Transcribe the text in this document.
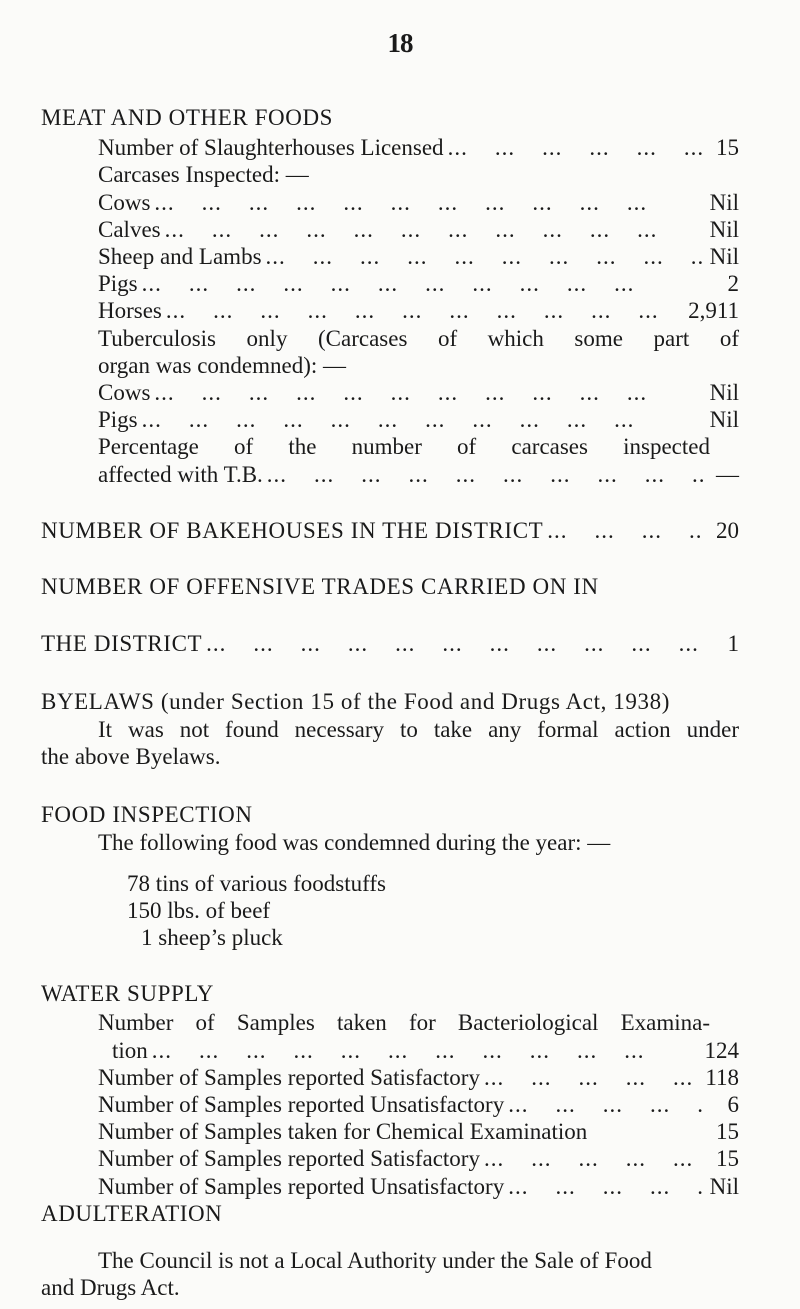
18
MEAT AND OTHER FOODS
Number of Slaughterhouses Licensed ...	15
Carcases Inspected: —
Cows ...	Nil
Calves ...	Nil
Sheep and Lambs ...	Nil
Pigs ...	2
Horses ...	2,911
Tuberculosis only (Carcases of which some part of
organ was condemned): —
Cows ...	Nil
Pigs ...	Nil
Percentage of the number of carcases inspected
affected with T.B. ...	—
NUMBER OF BAKEHOUSES IN THE DISTRICT ...	20
NUMBER OF OFFENSIVE TRADES CARRIED ON IN
THE DISTRICT ...	1
BYELAWS (under Section 15 of the Food and Drugs Act, 1938)
It was not found necessary to take any formal action under
the above Byelaws.
FOOD INSPECTION
The following food was condemned during the year: —
78 tins of various foodstuffs
150 lbs. of beef
1 sheep’s pluck
WATER SUPPLY
Number of Samples taken for Bacteriological Examina-
tion ...	124
Number of Samples reported Satisfactory ...	118
Number of Samples reported Unsatisfactory ...	6
Number of Samples taken for Chemical Examination	15
Number of Samples reported Satisfactory ...	15
Number of Samples reported Unsatisfactory ...	Nil
ADULTERATION
The Council is not a Local Authority under the Sale of Food
and Drugs Act.
